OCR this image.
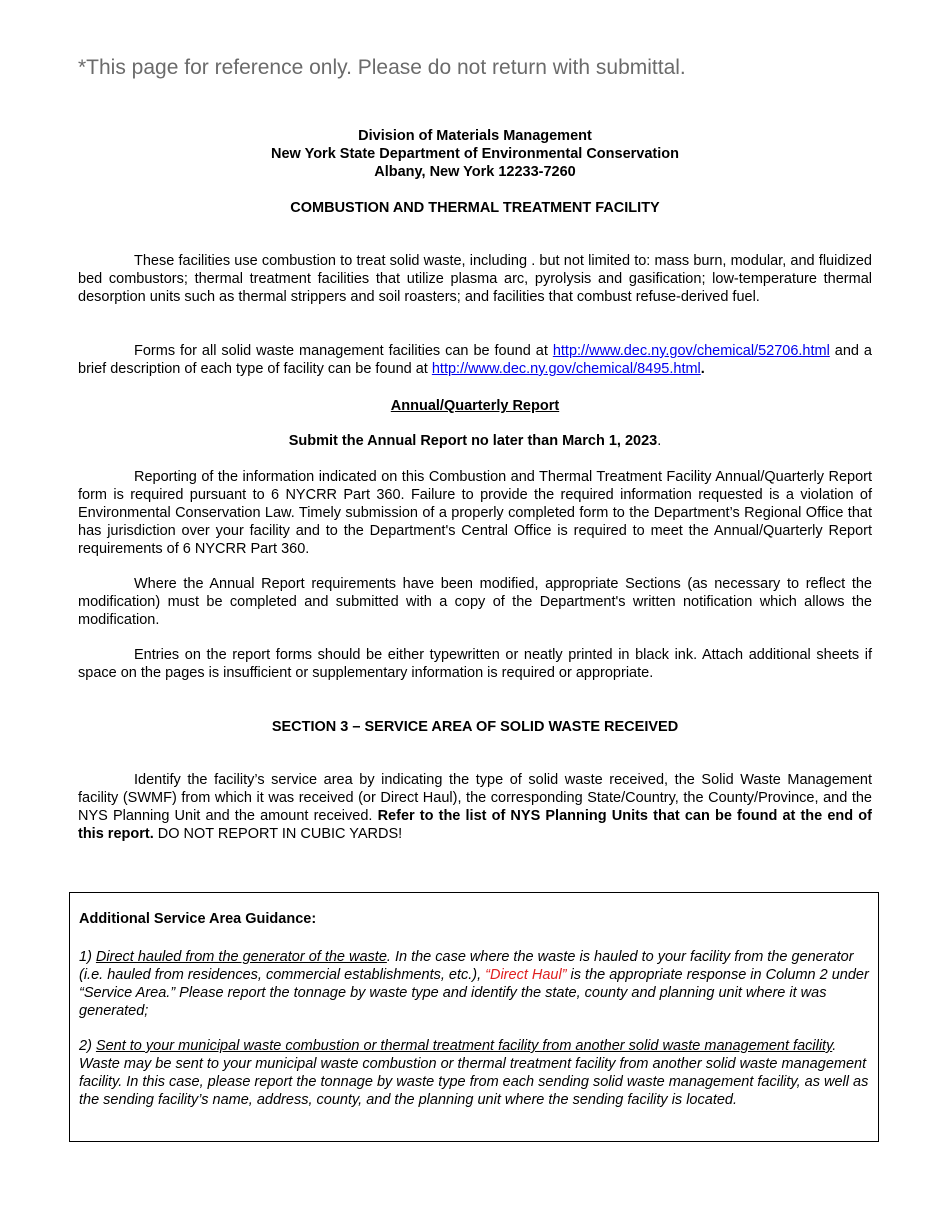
*This page for reference only. Please do not return with submittal.
Division of Materials Management
New York State Department of Environmental Conservation
Albany, New York 12233-7260
COMBUSTION AND THERMAL TREATMENT FACILITY
These facilities use combustion to treat solid waste, including . but not limited to: mass burn, modular, and fluidized bed combustors; thermal treatment facilities that utilize plasma arc, pyrolysis and gasification; low-temperature thermal desorption units such as thermal strippers and soil roasters; and facilities that combust refuse-derived fuel.
Forms for all solid waste management facilities can be found at http://www.dec.ny.gov/chemical/52706.html and a brief description of each type of facility can be found at http://www.dec.ny.gov/chemical/8495.html.
Annual/Quarterly Report
Submit the Annual Report no later than March 1, 2023.
Reporting of the information indicated on this Combustion and Thermal Treatment Facility Annual/Quarterly Report form is required pursuant to 6 NYCRR Part 360. Failure to provide the required information requested is a violation of Environmental Conservation Law. Timely submission of a properly completed form to the Department’s Regional Office that has jurisdiction over your facility and to the Department's Central Office is required to meet the Annual/Quarterly Report requirements of 6 NYCRR Part 360.
Where the Annual Report requirements have been modified, appropriate Sections (as necessary to reflect the modification) must be completed and submitted with a copy of the Department's written notification which allows the modification.
Entries on the report forms should be either typewritten or neatly printed in black ink. Attach additional sheets if space on the pages is insufficient or supplementary information is required or appropriate.
SECTION 3 – SERVICE AREA OF SOLID WASTE RECEIVED
Identify the facility’s service area by indicating the type of solid waste received, the Solid Waste Management facility (SWMF) from which it was received (or Direct Haul), the corresponding State/Country, the County/Province, and the NYS Planning Unit and the amount received. Refer to the list of NYS Planning Units that can be found at the end of this report. DO NOT REPORT IN CUBIC YARDS!
Additional Service Area Guidance:
1) Direct hauled from the generator of the waste. In the case where the waste is hauled to your facility from the generator (i.e. hauled from residences, commercial establishments, etc.), “Direct Haul” is the appropriate response in Column 2 under “Service Area.” Please report the tonnage by waste type and identify the state, county and planning unit where it was generated;
2) Sent to your municipal waste combustion or thermal treatment facility from another solid waste management facility. Waste may be sent to your municipal waste combustion or thermal treatment facility from another solid waste management facility. In this case, please report the tonnage by waste type from each sending solid waste management facility, as well as the sending facility’s name, address, county, and the planning unit where the sending facility is located.
